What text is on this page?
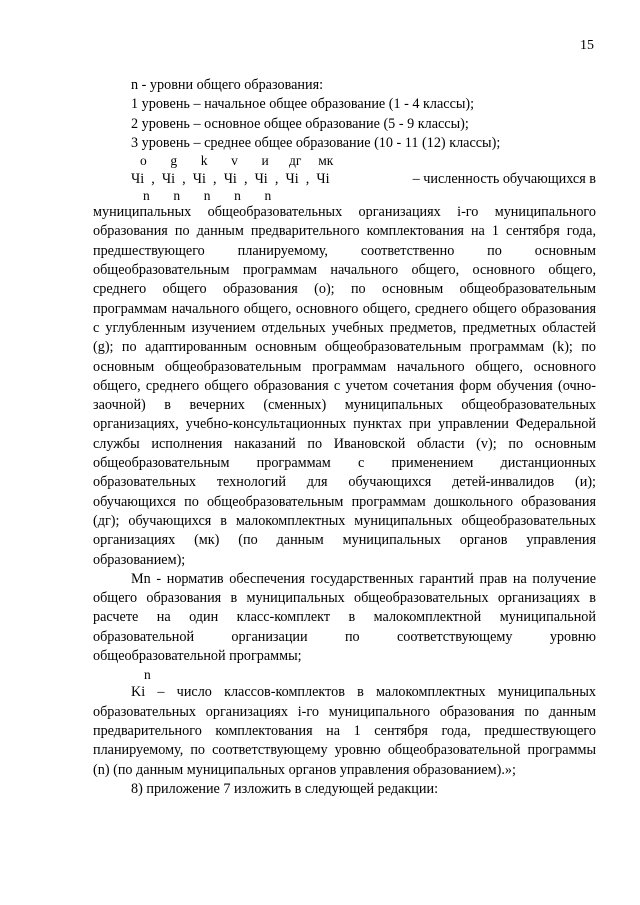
15
n - уровни общего образования:
1 уровень – начальное общее образование (1 - 4 классы);
2 уровень – основное общее образование (5 - 9 классы);
3 уровень – среднее общее образование (10 - 11 (12) классы);
o       g       k       v       и      дг     мк
Чi  ,  Чi  ,  Чi  ,  Чi  ,  Чi  ,  Чi  ,  Чi	– численность обучающихся в
n       n       n       n       n
муниципальных общеобразовательных организациях i-го муниципального образования по данным предварительного комплектования на 1 сентября года, предшествующего планируемому, соответственно по основным общеобразовательным программам начального общего, основного общего, среднего общего образования (о); по основным общеобразовательным программам начального общего, основного общего, среднего общего образования с углубленным изучением отдельных учебных предметов, предметных областей (g); по адаптированным основным общеобразовательным программам (k); по основным общеобразовательным программам начального общего, основного общего, среднего общего образования с учетом сочетания форм обучения (очно-заочной) в вечерних (сменных) муниципальных общеобразовательных организациях, учебно-консультационных пунктах при управлении Федеральной службы исполнения наказаний по Ивановской области (v); по основным общеобразовательным программам с применением дистанционных образовательных технологий для обучающихся детей-инвалидов (и); обучающихся по общеобразовательным программам дошкольного образования (дг); обучающихся в малокомплектных муниципальных общеобразовательных организациях (мк) (по данным муниципальных органов управления образованием);
Mn - норматив обеспечения государственных гарантий прав на получение общего образования в муниципальных общеобразовательных организациях в расчете на один класс-комплект в малокомплектной муниципальной образовательной организации по соответствующему уровню общеобразовательной программы;
n
Ki – число классов-комплектов в малокомплектных муниципальных образовательных организациях i-го муниципального образования по данным предварительного комплектования на 1 сентября года, предшествующего планируемому, по соответствующему уровню общеобразовательной программы (n) (по данным муниципальных органов управления образованием).»;
8) приложение 7 изложить в следующей редакции:
